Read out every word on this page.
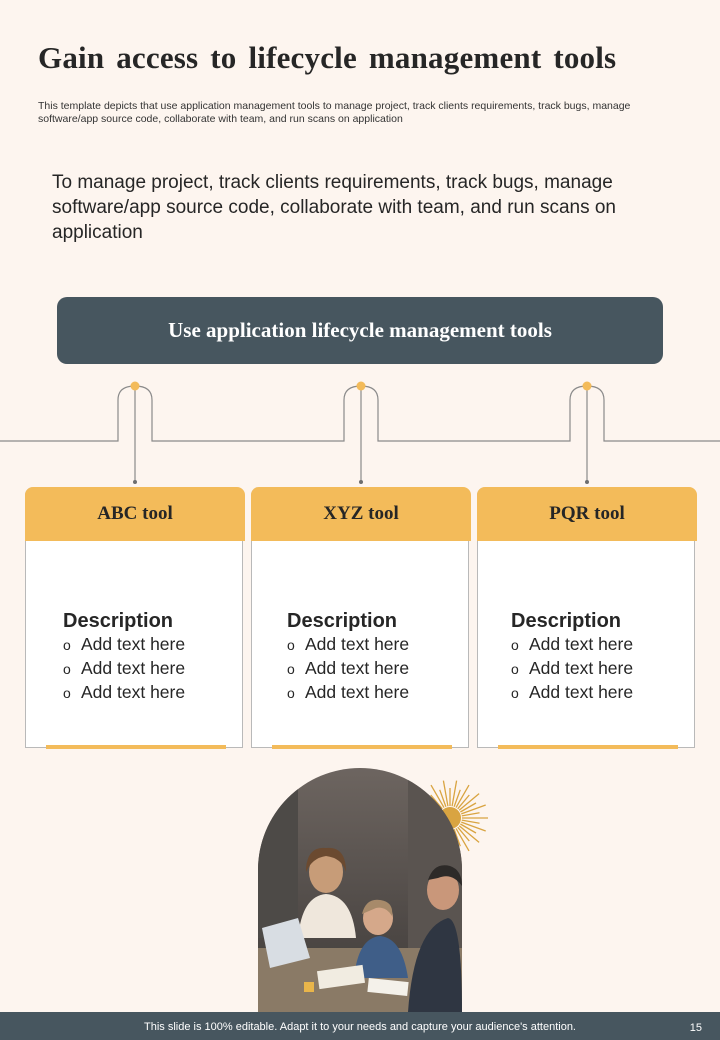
Gain access to lifecycle management tools
This template depicts that use application management tools to manage project, track clients requirements, track bugs, manage software/app source code, collaborate with team, and run scans on application
To manage project, track clients requirements, track bugs, manage software/app source code, collaborate with team, and run scans on application
Use application lifecycle management tools
ABC tool
Description
o Add text here
o Add text here
o Add text here
XYZ tool
Description
o Add text here
o Add text here
o Add text here
PQR tool
Description
o Add text here
o Add text here
o Add text here
This slide is 100% editable. Adapt it to your needs and capture your audience's attention.	15
